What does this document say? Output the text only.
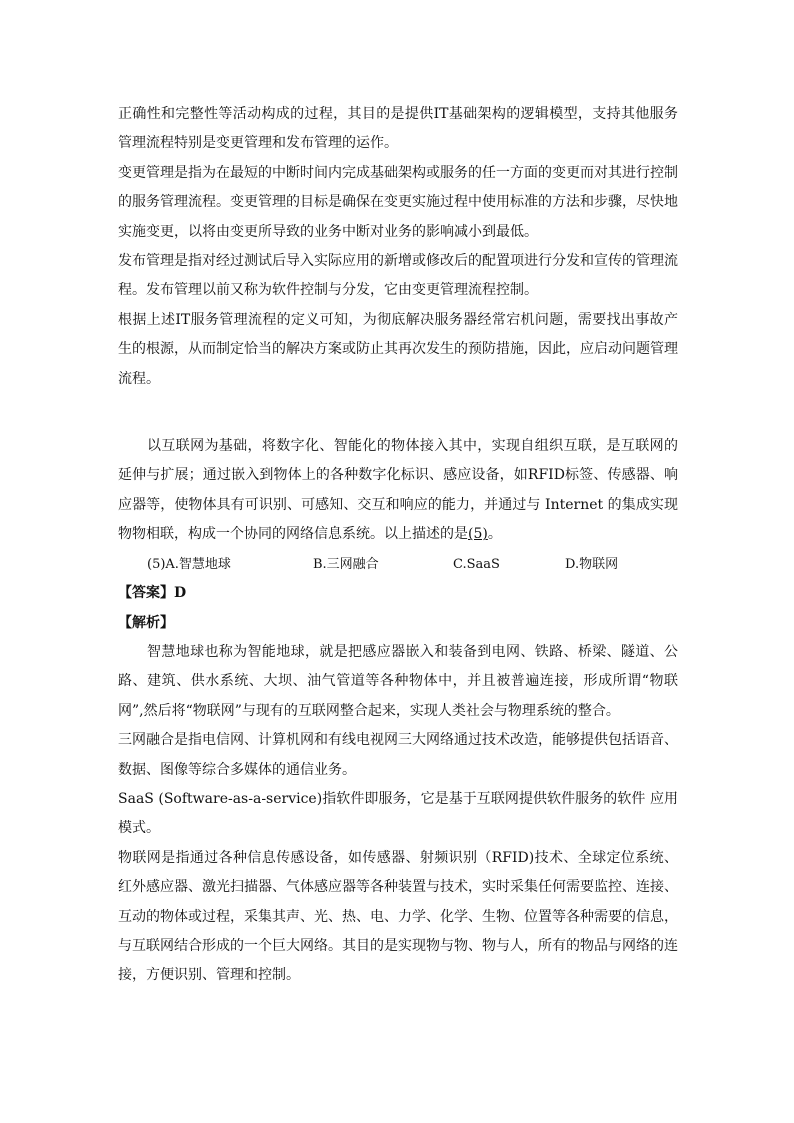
正确性和完整性等活动构成的过程，其目的是提供IT基础架构的逻辑模型，支持其他服务管理流程特别是变更管理和发布管理的运作。

变更管理是指为在最短的中断时间内完成基础架构或服务的任一方面的变更而对其进行控制的服务管理流程。变更管理的目标是确保在变更实施过程中使用标准的方法和步骤，尽快地实施变更，以将由变更所导致的业务中断对业务的影响减小到最低。

发布管理是指对经过测试后导入实际应用的新增或修改后的配置项进行分发和宣传的管理流程。发布管理以前又称为软件控制与分发，它由变更管理流程控制。

根据上述IT服务管理流程的定义可知，为彻底解决服务器经常宕机问题，需要找出事故产生的根源，从而制定恰当的解决方案或防止其再次发生的预防措施，因此，应启动问题管理流程。

以互联网为基础，将数字化、智能化的物体接入其中，实现自组织互联，是互联网的延伸与扩展；通过嵌入到物体上的各种数字化标识、感应设备，如RFID标签、传感器、响应器等，使物体具有可识别、可感知、交互和响应的能力，并通过与 Internet 的集成实现物物相联，构成一个协同的网络信息系统。以上描述的是(5)。

(5)A.智慧地球	B.三网融合	C.SaaS	D.物联网

【答案】D

【解析】

智慧地球也称为智能地球，就是把感应器嵌入和装备到电网、铁路、桥梁、隧道、公路、建筑、供水系统、大坝、油气管道等各种物体中，并且被普遍连接，形成所谓“物联网”,然后将“物联网”与现有的互联网整合起来，实现人类社会与物理系统的整合。

三网融合是指电信网、计算机网和有线电视网三大网络通过技术改造，能够提供包括语音、数据、图像等综合多媒体的通信业务。

SaaS (Software-as-a-service)指软件即服务，它是基于互联网提供软件服务的软件 应用模式。

物联网是指通过各种信息传感设备，如传感器、射频识别（RFID)技术、全球定位系统、红外感应器、激光扫描器、气体感应器等各种装置与技术，实时采集任何需要监控、连接、互动的物体或过程，采集其声、光、热、电、力学、化学、生物、位置等各种需要的信息，与互联网结合形成的一个巨大网络。其目的是实现物与物、物与人，所有的物品与网络的连接，方便识别、管理和控制。
